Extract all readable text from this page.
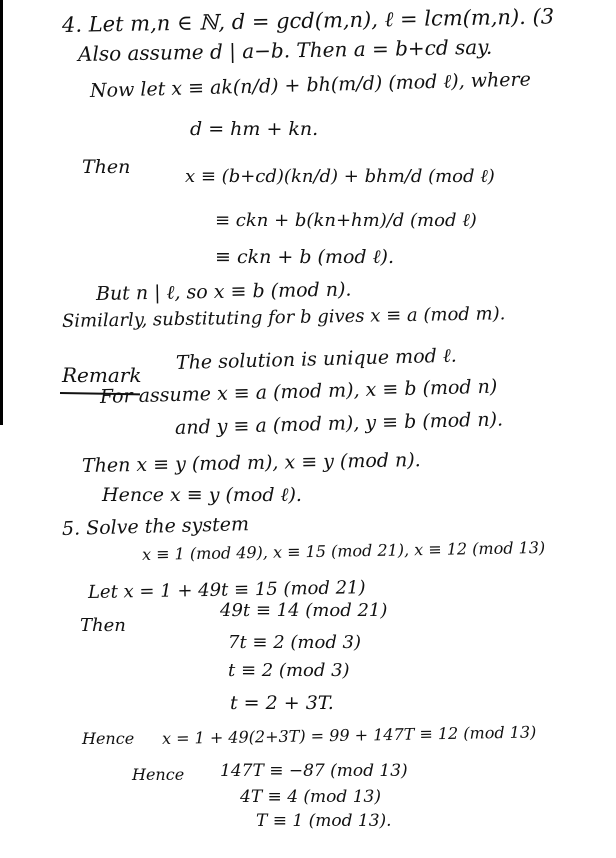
4. Let m,n ∈ ℕ, d = gcd(m,n), ℓ = lcm(m,n). (3
Also assume d | a−b. Then a = b+cd say.
Now let x ≡ ak(n/d) + bh(m/d) (mod ℓ), where
d = hm + kn.
Then	x ≡ (b+cd)(kn/d) + bhm/d (mod ℓ)
≡ ckn + b(kn+hm)/d (mod ℓ)
≡ ckn + b (mod ℓ).
But n | ℓ, so x ≡ b (mod n).
Similarly, substituting for b gives x ≡ a (mod m).
Remark
The solution is unique mod ℓ.
For assume x ≡ a (mod m), x ≡ b (mod n)
and y ≡ a (mod m), y ≡ b (mod n).
Then x ≡ y (mod m), x ≡ y (mod n).
Hence x ≡ y (mod ℓ).
5. Solve the system
x ≡ 1 (mod 49), x ≡ 15 (mod 21), x ≡ 12 (mod 13)
Let x = 1 + 49t ≡ 15 (mod 21)
Then
49t ≡ 14 (mod 21)
7t ≡ 2 (mod 3)
t ≡ 2 (mod 3)
t = 2 + 3T.
Hence x = 1 + 49(2+3T) = 99 + 147T ≡ 12 (mod 13)
Hence 147T ≡ −87 (mod 13)
4T ≡ 4 (mod 13)
T ≡ 1 (mod 13).
